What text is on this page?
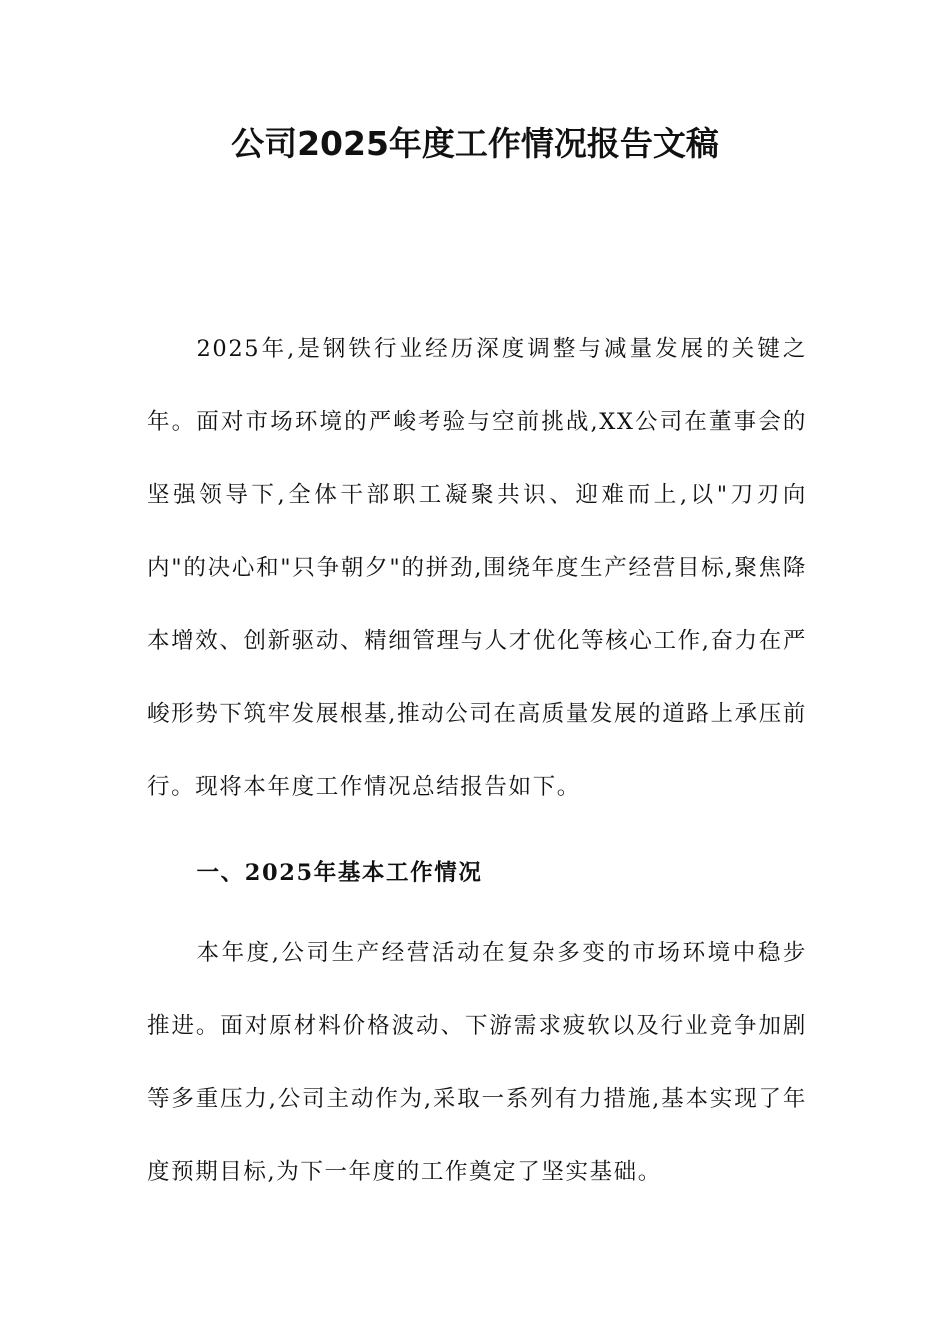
公司2025年度工作情况报告文稿

2025年,是钢铁行业经历深度调整与减量发展的关键之年。面对市场环境的严峻考验与空前挑战,XX公司在董事会的坚强领导下,全体干部职工凝聚共识、迎难而上,以"刀刃向内"的决心和"只争朝夕"的拼劲,围绕年度生产经营目标,聚焦降本增效、创新驱动、精细管理与人才优化等核心工作,奋力在严峻形势下筑牢发展根基,推动公司在高质量发展的道路上承压前行。现将本年度工作情况总结报告如下。

一、2025年基本工作情况

本年度,公司生产经营活动在复杂多变的市场环境中稳步推进。面对原材料价格波动、下游需求疲软以及行业竞争加剧等多重压力,公司主动作为,采取一系列有力措施,基本实现了年度预期目标,为下一年度的工作奠定了坚实基础。
